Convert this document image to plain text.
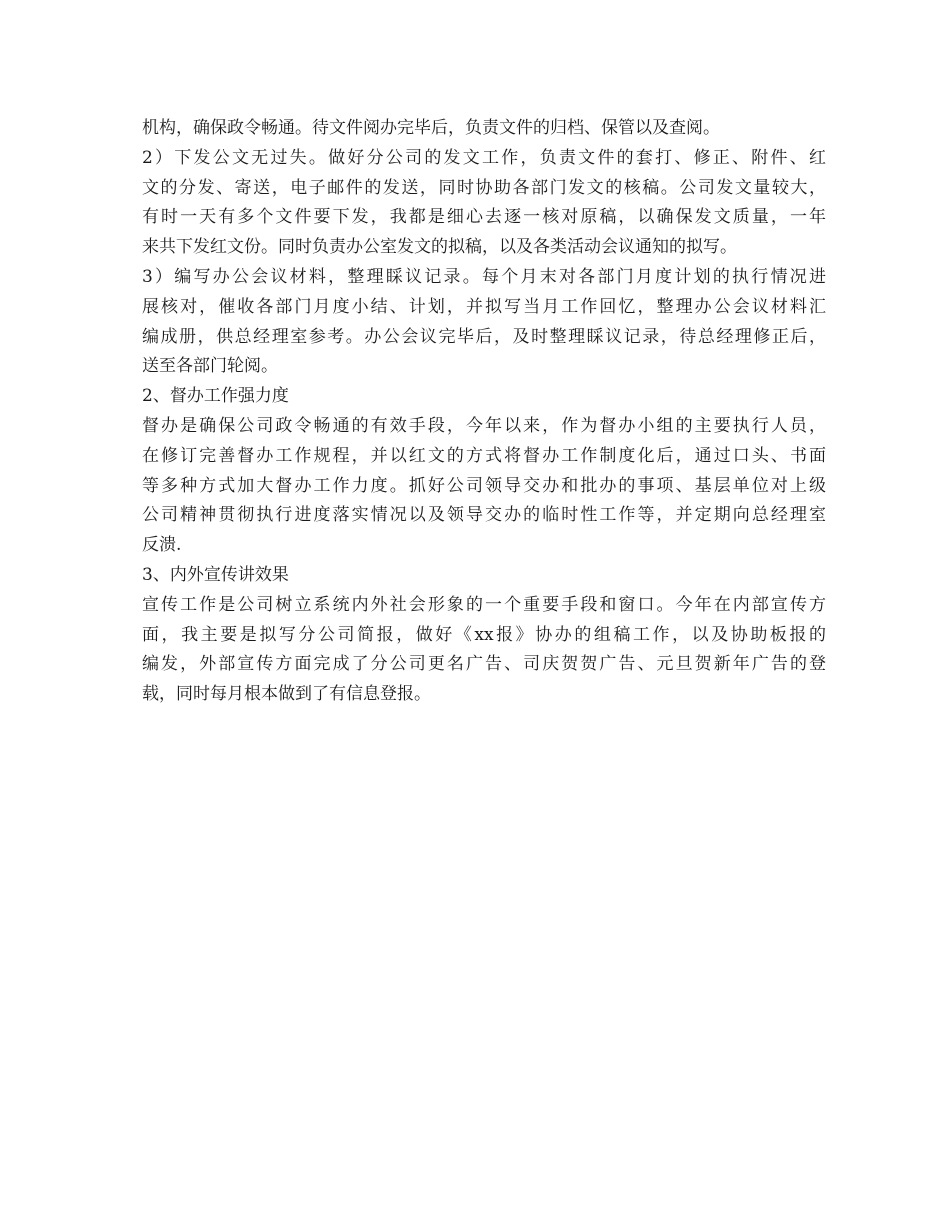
机构，确保政令畅通。待文件阅办完毕后，负责文件的归档、保管以及查阅。
2）下发公文无过失。做好分公司的发文工作，负责文件的套打、修正、附件、红
文的分发、寄送，电子邮件的发送，同时协助各部门发文的核稿。公司发文量较大，
有时一天有多个文件要下发，我都是细心去逐一核对原稿，以确保发文质量，一年
来共下发红文份。同时负责办公室发文的拟稿，以及各类活动会议通知的拟写。
3）编写办公会议材料，整理睬议记录。每个月末对各部门月度计划的执行情况进
展核对，催收各部门月度小结、计划，并拟写当月工作回忆，整理办公会议材料汇
编成册，供总经理室参考。办公会议完毕后，及时整理睬议记录，待总经理修正后，
送至各部门轮阅。
2、督办工作强力度
督办是确保公司政令畅通的有效手段，今年以来，作为督办小组的主要执行人员，
在修订完善督办工作规程，并以红文的方式将督办工作制度化后，通过口头、书面
等多种方式加大督办工作力度。抓好公司领导交办和批办的事项、基层单位对上级
公司精神贯彻执行进度落实情况以及领导交办的临时性工作等，并定期向总经理室
反溃.
3、内外宣传讲效果
宣传工作是公司树立系统内外社会形象的一个重要手段和窗口。今年在内部宣传方
面，我主要是拟写分公司简报，做好《xx报》协办的组稿工作，以及协助板报的
编发，外部宣传方面完成了分公司更名广告、司庆贺贺广告、元旦贺新年广告的登
载，同时每月根本做到了有信息登报。
